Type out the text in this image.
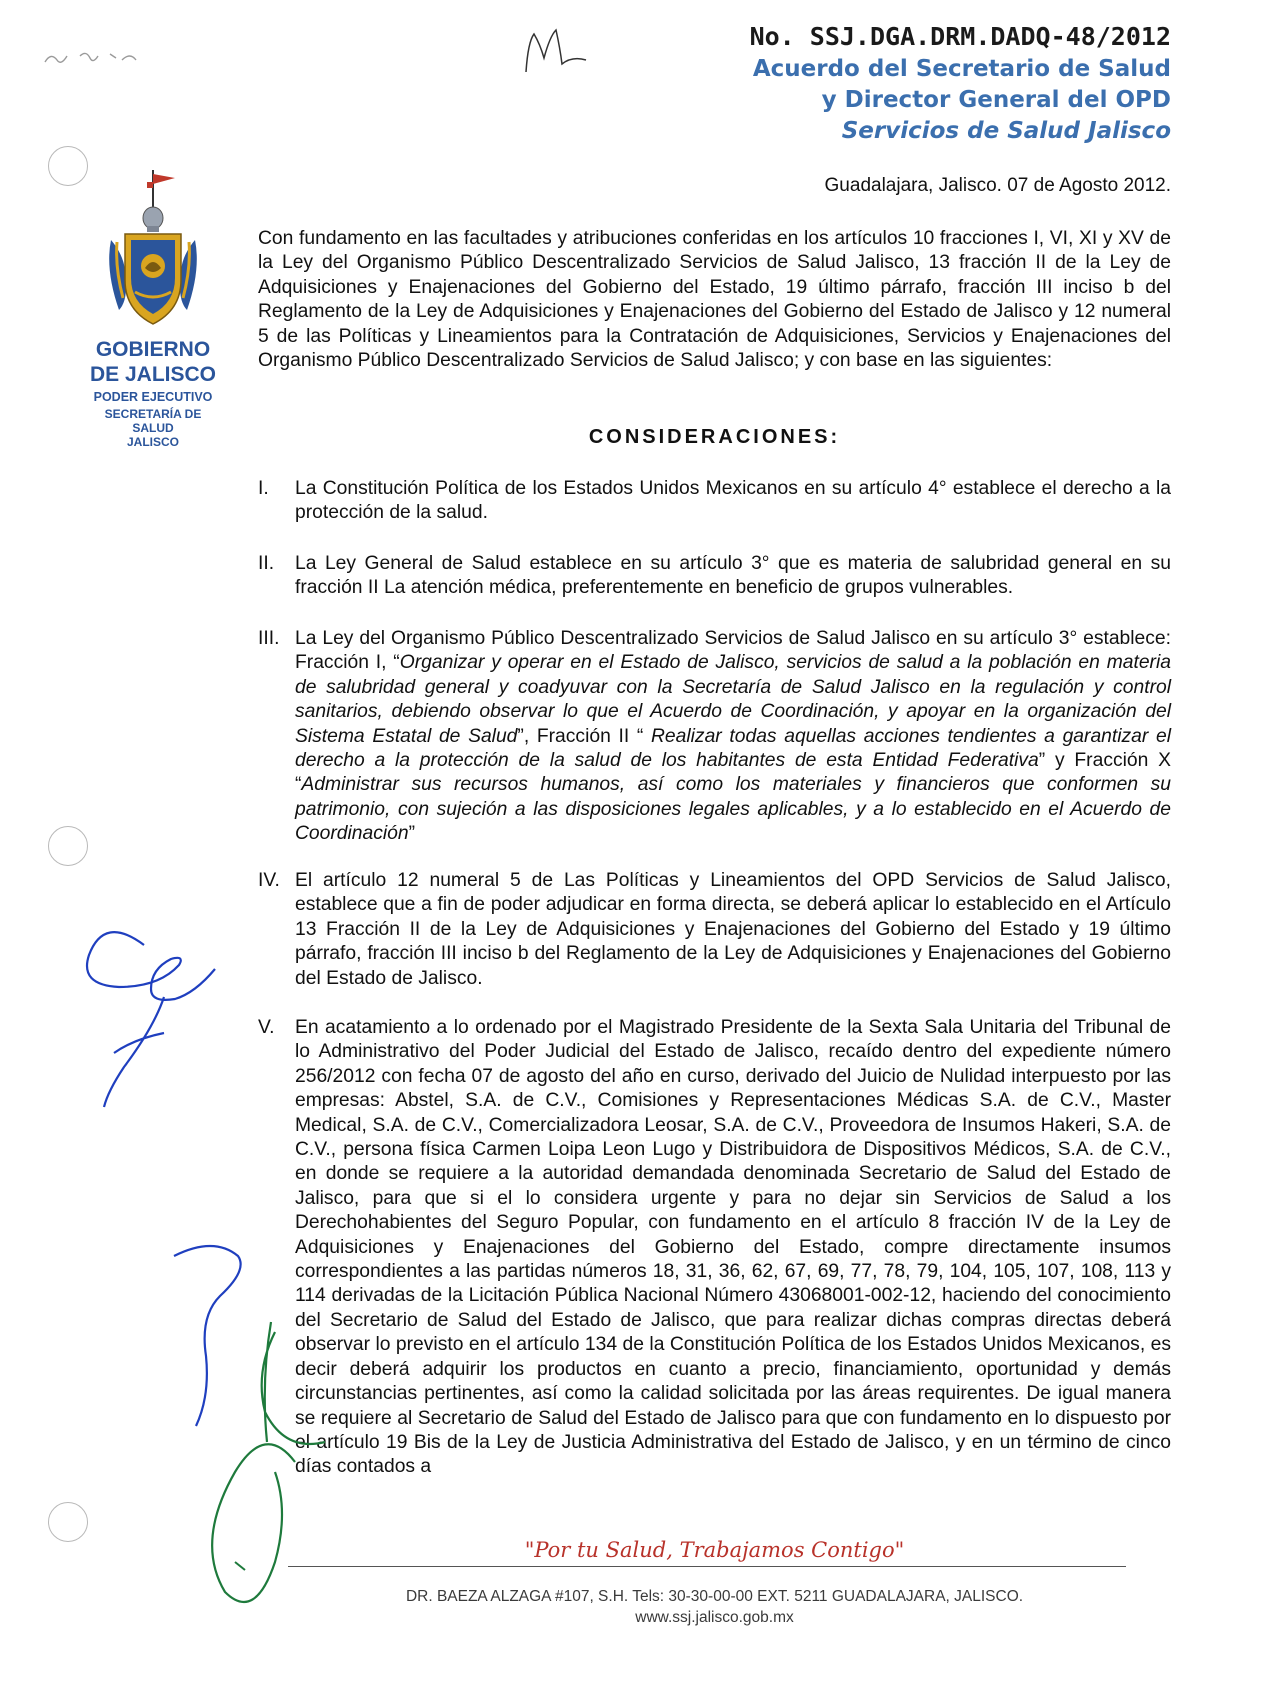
No. SSJ.DGA.DRM.DADQ-48/2012
Acuerdo del Secretario de Salud
y Director General del OPD
Servicios de Salud Jalisco
Guadalajara, Jalisco. 07 de Agosto 2012.
GOBIERNO
DE JALISCO
PODER EJECUTIVO
SECRETARÍA DE
SALUD
JALISCO
Con fundamento en las facultades y atribuciones conferidas en los artículos 10 fracciones I, VI, XI y XV de la Ley del Organismo Público Descentralizado Servicios de Salud Jalisco, 13 fracción II de la Ley de Adquisiciones y Enajenaciones del Gobierno del Estado, 19 último párrafo, fracción III inciso b del Reglamento de la Ley de Adquisiciones y Enajenaciones del Gobierno del Estado de Jalisco y 12 numeral 5 de las Políticas y Lineamientos para la Contratación de Adquisiciones, Servicios y Enajenaciones del Organismo Público Descentralizado Servicios de Salud Jalisco; y con base en las siguientes:
CONSIDERACIONES:
I. La Constitución Política de los Estados Unidos Mexicanos en su artículo 4° establece el derecho a la protección de la salud.
II. La Ley General de Salud establece en su artículo 3° que es materia de salubridad general en su fracción II La atención médica, preferentemente en beneficio de grupos vulnerables.
III. La Ley del Organismo Público Descentralizado Servicios de Salud Jalisco en su artículo 3° establece: Fracción I, “Organizar y operar en el Estado de Jalisco, servicios de salud a la población en materia de salubridad general y coadyuvar con la Secretaría de Salud Jalisco en la regulación y control sanitarios, debiendo observar lo que el Acuerdo de Coordinación, y apoyar en la organización del Sistema Estatal de Salud”, Fracción II “ Realizar todas aquellas acciones tendientes a garantizar el derecho a la protección de la salud de los habitantes de esta Entidad Federativa” y Fracción X “Administrar sus recursos humanos, así como los materiales y financieros que conformen su patrimonio, con sujeción a las disposiciones legales aplicables, y a lo establecido en el Acuerdo de Coordinación”
IV. El artículo 12 numeral 5 de Las Políticas y Lineamientos del OPD Servicios de Salud Jalisco, establece que a fin de poder adjudicar en forma directa, se deberá aplicar lo establecido en el Artículo 13 Fracción II de la Ley de Adquisiciones y Enajenaciones del Gobierno del Estado y 19 último párrafo, fracción III inciso b del Reglamento de la Ley de Adquisiciones y Enajenaciones del Gobierno del Estado de Jalisco.
V. En acatamiento a lo ordenado por el Magistrado Presidente de la Sexta Sala Unitaria del Tribunal de lo Administrativo del Poder Judicial del Estado de Jalisco, recaído dentro del expediente número 256/2012 con fecha 07 de agosto del año en curso, derivado del Juicio de Nulidad interpuesto por las empresas: Abstel, S.A. de C.V., Comisiones y Representaciones Médicas S.A. de C.V., Master Medical, S.A. de C.V., Comercializadora Leosar, S.A. de C.V., Proveedora de Insumos Hakeri, S.A. de C.V., persona física Carmen Loipa Leon Lugo y Distribuidora de Dispositivos Médicos, S.A. de C.V., en donde se requiere a la autoridad demandada denominada Secretario de Salud del Estado de Jalisco, para que si el lo considera urgente y para no dejar sin Servicios de Salud a los Derechohabientes del Seguro Popular, con fundamento en el artículo 8 fracción IV de la Ley de Adquisiciones y Enajenaciones del Gobierno del Estado, compre directamente insumos correspondientes a las partidas números 18, 31, 36, 62, 67, 69, 77, 78, 79, 104, 105, 107, 108, 113 y 114 derivadas de la Licitación Pública Nacional Número 43068001-002-12, haciendo del conocimiento del Secretario de Salud del Estado de Jalisco, que para realizar dichas compras directas deberá observar lo previsto en el artículo 134 de la Constitución Política de los Estados Unidos Mexicanos, es decir deberá adquirir los productos en cuanto a precio, financiamiento, oportunidad y demás circunstancias pertinentes, así como la calidad solicitada por las áreas requirentes. De igual manera se requiere al Secretario de Salud del Estado de Jalisco para que con fundamento en lo dispuesto por el artículo 19 Bis de la Ley de Justicia Administrativa del Estado de Jalisco, y en un término de cinco días contados a
"Por tu Salud, Trabajamos Contigo"
DR. BAEZA ALZAGA #107, S.H. Tels: 30-30-00-00 EXT. 5211 GUADALAJARA, JALISCO.
www.ssj.jalisco.gob.mx
